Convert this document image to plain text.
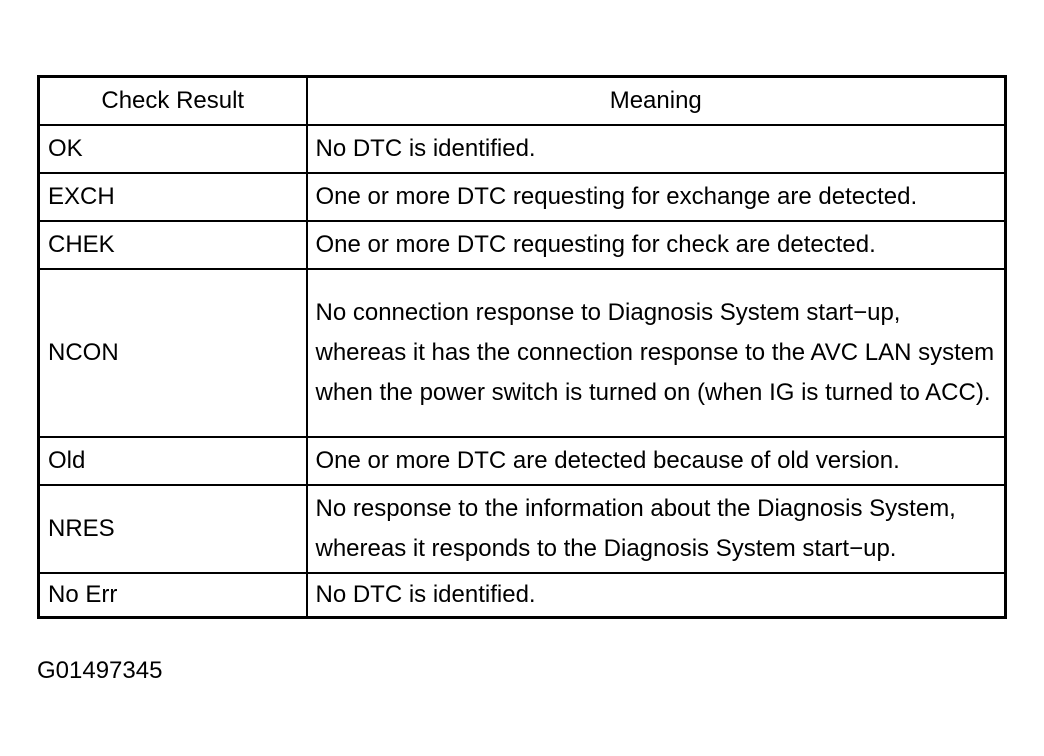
Check Result	Meaning
OK	No DTC is identified.
EXCH	One or more DTC requesting for exchange are detected.
CHEK	One or more DTC requesting for check are detected.
NCON	No connection response to Diagnosis System start−up, whereas it has the connection response to the AVC LAN system when the power switch is turned on (when IG is turned to ACC).
Old	One or more DTC are detected because of old version.
NRES	No response to the information about the Diagnosis System, whereas it responds to the Diagnosis System start−up.
No Err	No DTC is identified.
G01497345
